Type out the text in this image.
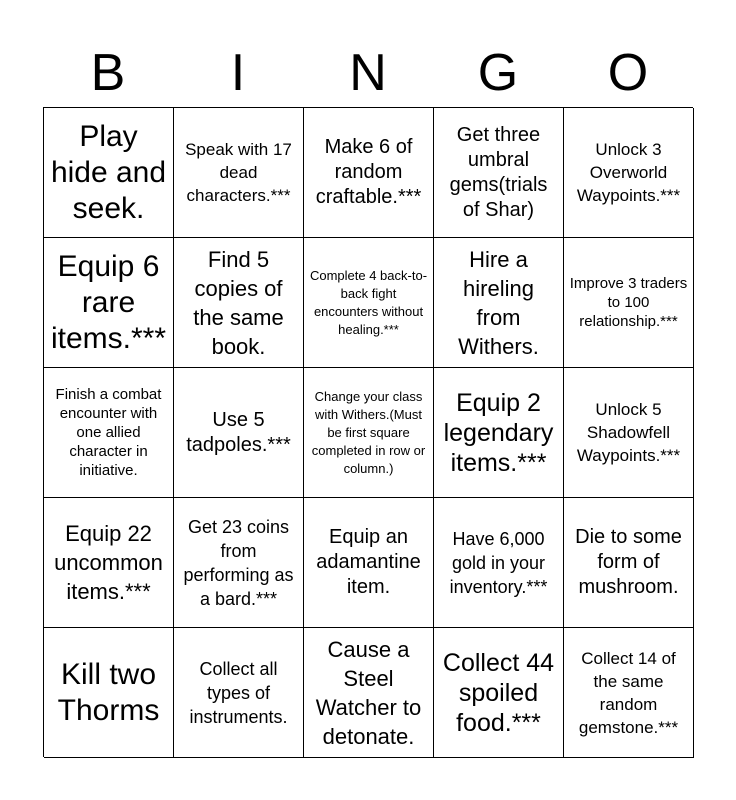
B	I	N	G	O
Play hide and seek.
Speak with 17 dead characters.***
Make 6 of random craftable.***
Get three umbral gems(trials of Shar)
Unlock 3 Overworld Waypoints.***
Equip 6 rare items.***
Find 5 copies of the same book.
Complete 4 back-to-back fight encounters without healing.***
Hire a hireling from Withers.
Improve 3 traders to 100 relationship.***
Finish a combat encounter with one allied character in initiative.
Use 5 tadpoles.***
Change your class with Withers.(Must be first square completed in row or column.)
Equip 2 legendary items.***
Unlock 5 Shadowfell Waypoints.***
Equip 22 uncommon items.***
Get 23 coins from performing as a bard.***
Equip an adamantine item.
Have 6,000 gold in your inventory.***
Die to some form of mushroom.
Kill two Thorms
Collect all types of instruments.
Cause a Steel Watcher to detonate.
Collect 44 spoiled food.***
Collect 14 of the same random gemstone.***
